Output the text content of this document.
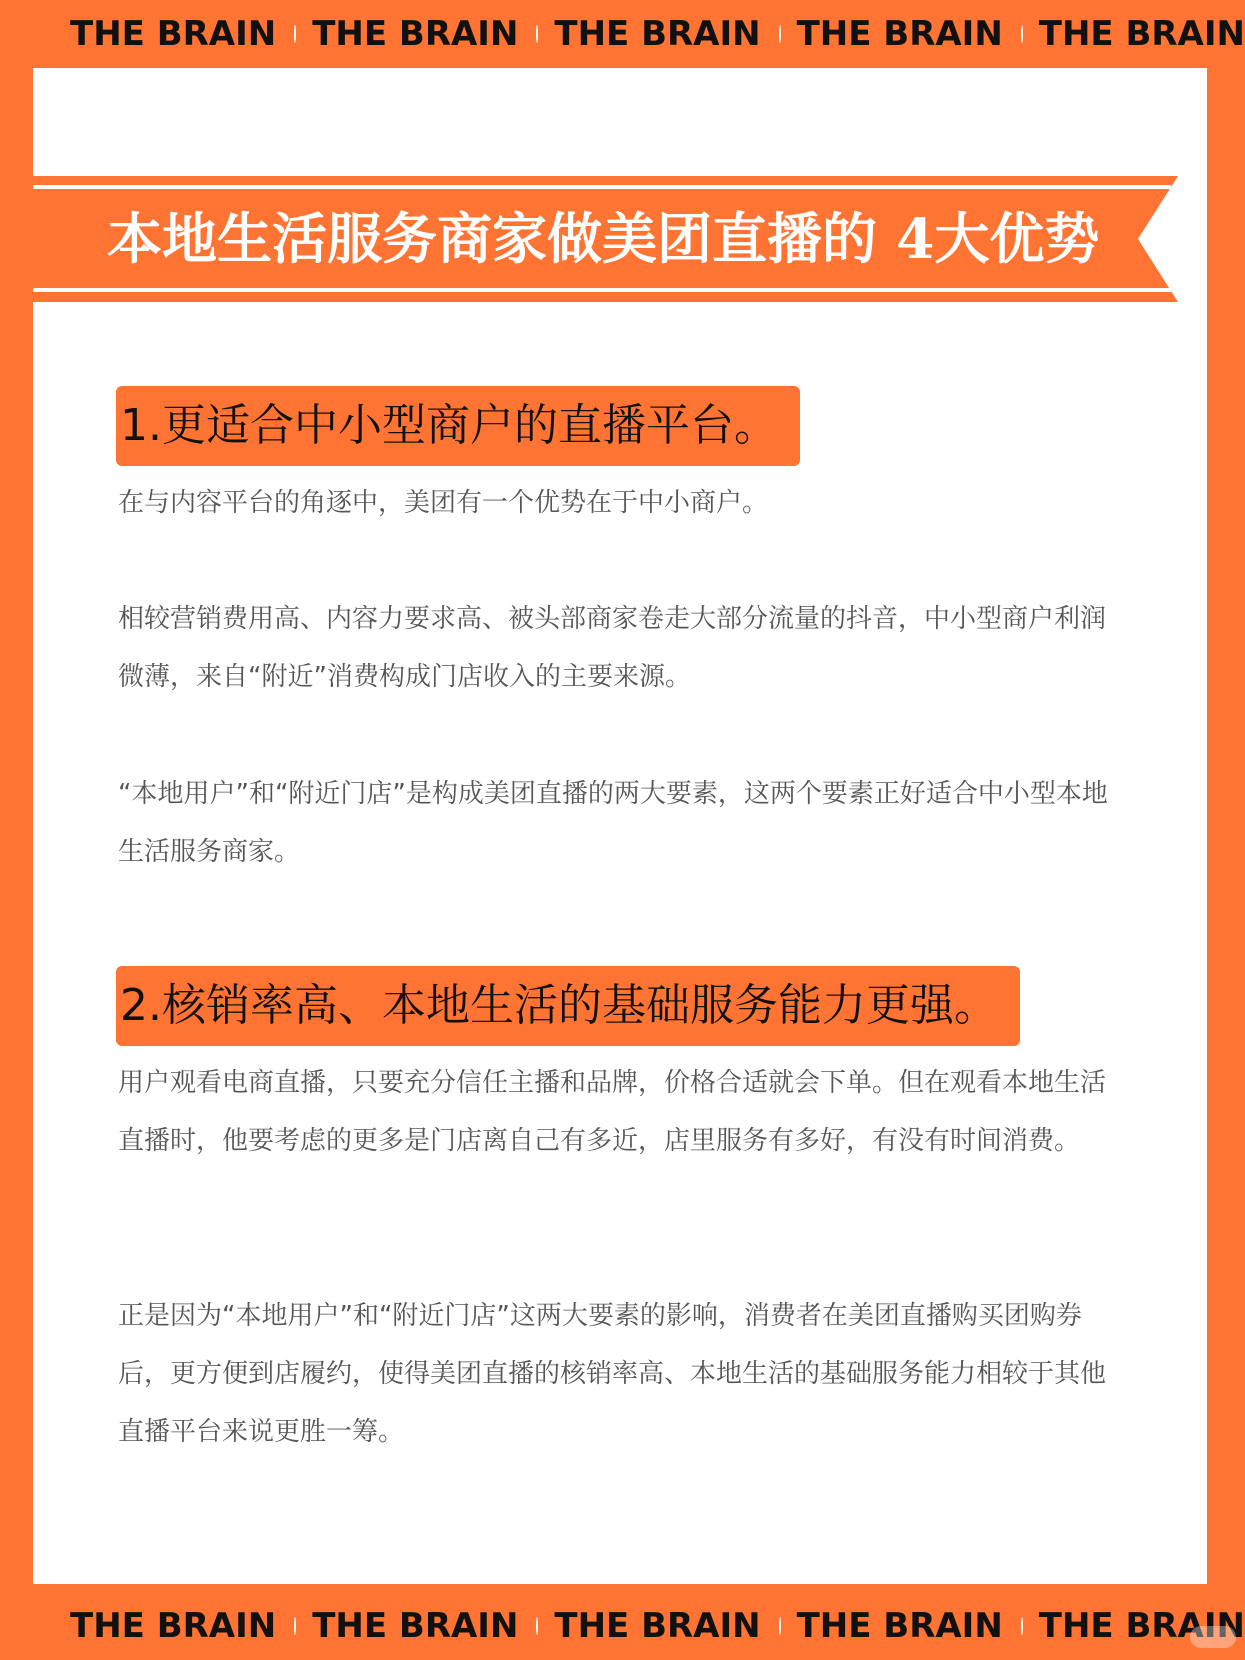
THE BRAIN THE BRAIN THE BRAIN THE BRAIN THE BRAIN
本地生活服务商家做美团直播的 4大优势
1.更适合中小型商户的直播平台。

在与内容平台的角逐中，美团有一个优势在于中小商户。

相较营销费用高、内容力要求高、被头部商家卷走大部分流量的抖音，中小型商户利润微薄，来自“附近”消费构成门店收入的主要来源。

“本地用户”和“附近门店”是构成美团直播的两大要素，这两个要素正好适合中小型本地生活服务商家。

2.核销率高、本地生活的基础服务能力更强。

用户观看电商直播，只要充分信任主播和品牌，价格合适就会下单。但在观看本地生活直播时，他要考虑的更多是门店离自己有多近，店里服务有多好，有没有时间消费。

正是因为“本地用户”和“附近门店”这两大要素的影响，消费者在美团直播购买团购券后，更方便到店履约，使得美团直播的核销率高、本地生活的基础服务能力相较于其他直播平台来说更胜一筹。

THE BRAIN THE BRAIN THE BRAIN THE BRAIN THE BRAIN
